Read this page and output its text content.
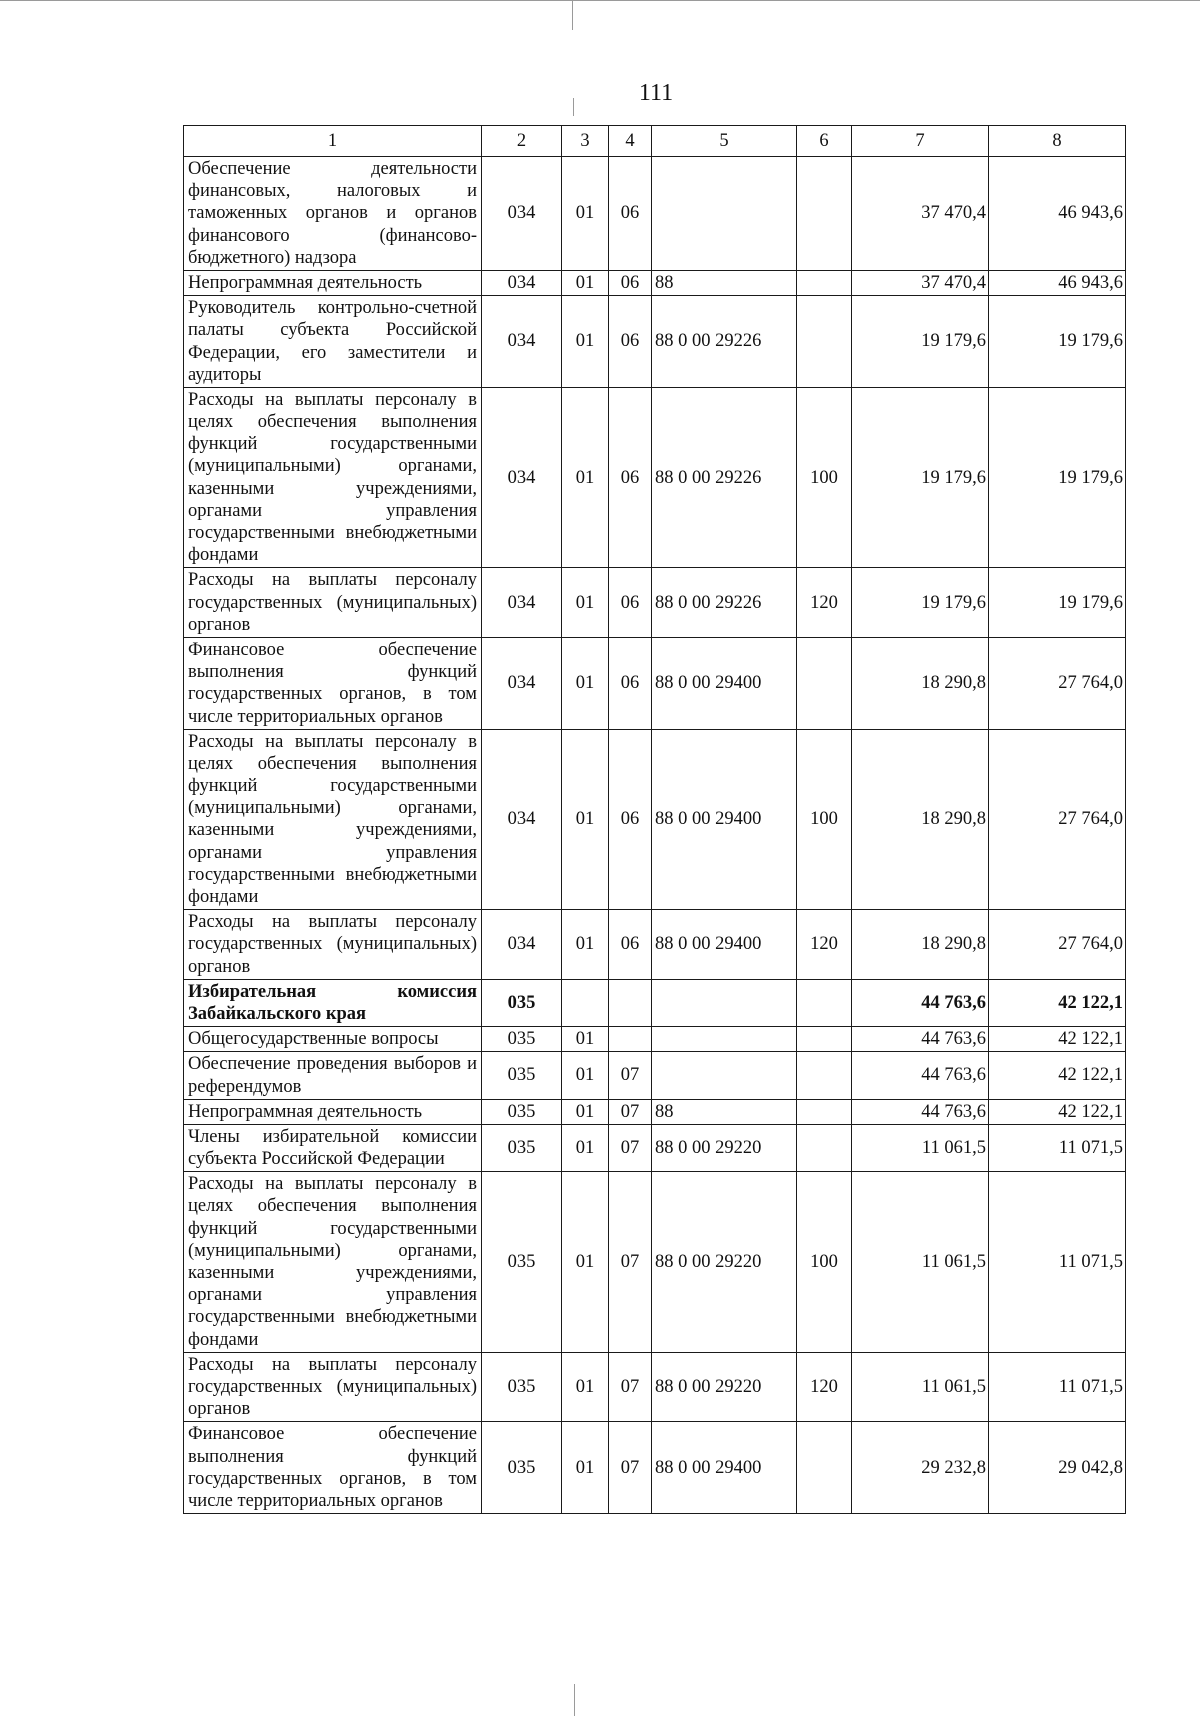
111
1	2	3	4	5	6	7	8
Обеспечение деятельности финансовых, налоговых и таможенных органов и органов финансового (финансово-бюджетного) надзора	034	01	06			37 470,4	46 943,6
Непрограммная деятельность	034	01	06	88		37 470,4	46 943,6
Руководитель контрольно-счетной палаты субъекта Российской Федерации, его заместители и аудиторы	034	01	06	88 0 00 29226		19 179,6	19 179,6
Расходы на выплаты персоналу в целях обеспечения выполнения функций государственными (муниципальными) органами, казенными учреждениями, органами управления государственными внебюджетными фондами	034	01	06	88 0 00 29226	100	19 179,6	19 179,6
Расходы на выплаты персоналу государственных (муниципальных) органов	034	01	06	88 0 00 29226	120	19 179,6	19 179,6
Финансовое обеспечение выполнения функций государственных органов, в том числе территориальных органов	034	01	06	88 0 00 29400		18 290,8	27 764,0
Расходы на выплаты персоналу в целях обеспечения выполнения функций государственными (муниципальными) органами, казенными учреждениями, органами управления государственными внебюджетными фондами	034	01	06	88 0 00 29400	100	18 290,8	27 764,0
Расходы на выплаты персоналу государственных (муниципальных) органов	034	01	06	88 0 00 29400	120	18 290,8	27 764,0
Избирательная комиссия Забайкальского края	035					44 763,6	42 122,1
Общегосударственные вопросы	035	01				44 763,6	42 122,1
Обеспечение проведения выборов и референдумов	035	01	07			44 763,6	42 122,1
Непрограммная деятельность	035	01	07	88		44 763,6	42 122,1
Члены избирательной комиссии субъекта Российской Федерации	035	01	07	88 0 00 29220		11 061,5	11 071,5
Расходы на выплаты персоналу в целях обеспечения выполнения функций государственными (муниципальными) органами, казенными учреждениями, органами управления государственными внебюджетными фондами	035	01	07	88 0 00 29220	100	11 061,5	11 071,5
Расходы на выплаты персоналу государственных (муниципальных) органов	035	01	07	88 0 00 29220	120	11 061,5	11 071,5
Финансовое обеспечение выполнения функций государственных органов, в том числе территориальных органов	035	01	07	88 0 00 29400		29 232,8	29 042,8
